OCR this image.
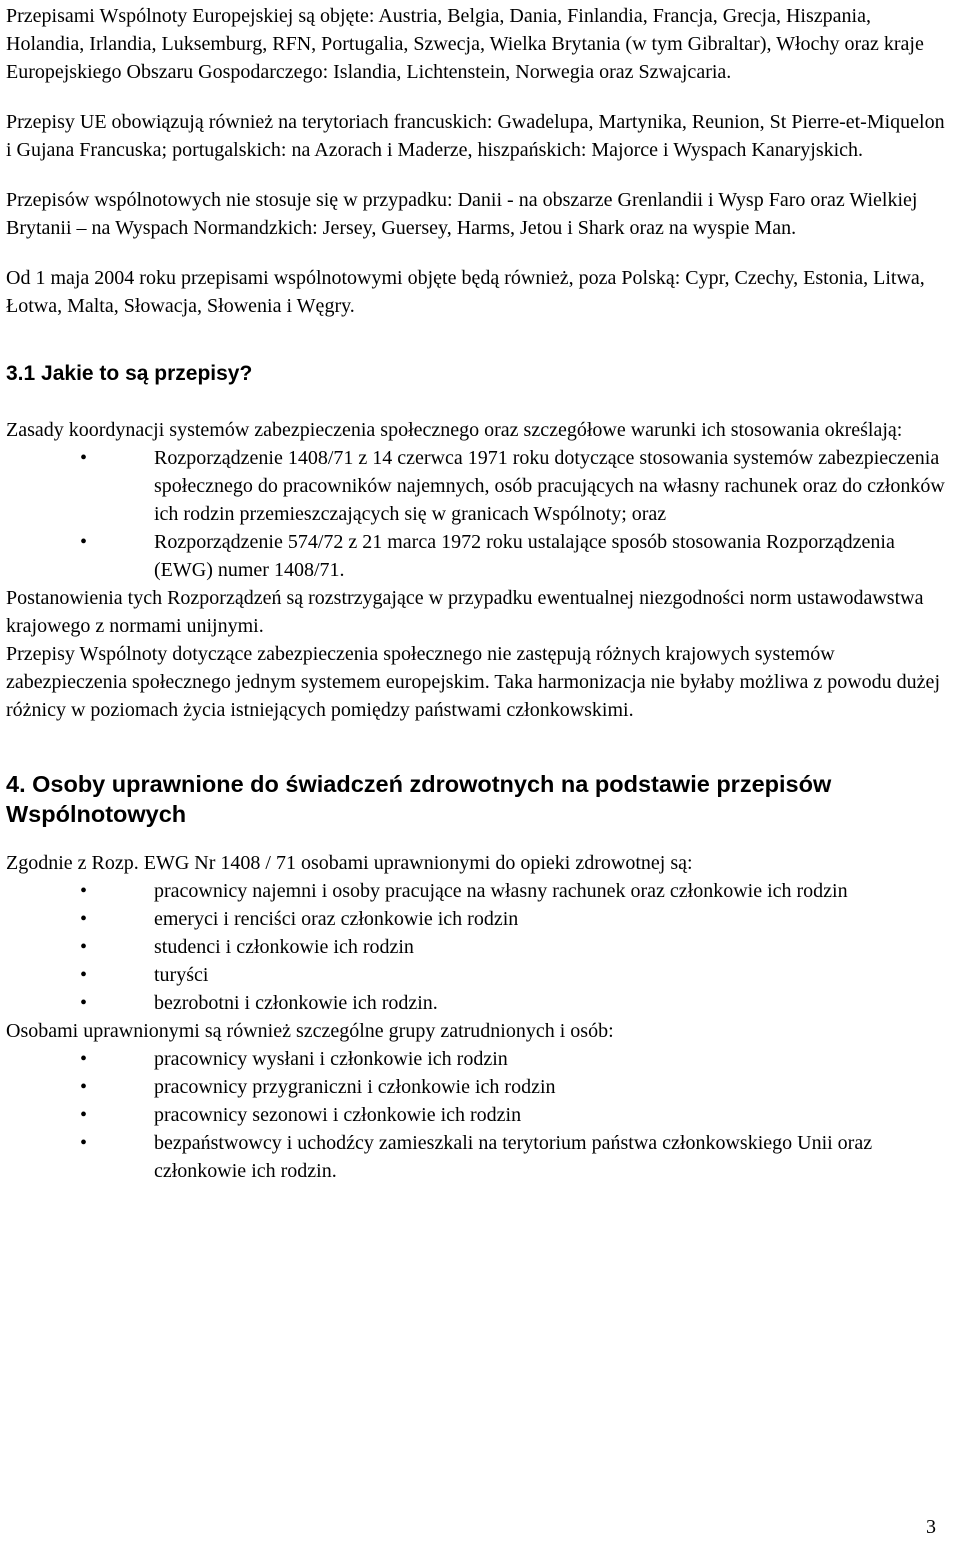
Przepisami Wspólnoty Europejskiej są objęte: Austria, Belgia, Dania, Finlandia, Francja, Grecja, Hiszpania, Holandia, Irlandia, Luksemburg, RFN, Portugalia, Szwecja, Wielka Brytania (w tym Gibraltar), Włochy oraz kraje Europejskiego Obszaru Gospodarczego: Islandia, Lichtenstein, Norwegia oraz Szwajcaria.

Przepisy UE obowiązują również na terytoriach francuskich: Gwadelupa, Martynika, Reunion, St Pierre-et-Miquelon i Gujana Francuska; portugalskich: na Azorach i Maderze, hiszpańskich: Majorce i Wyspach Kanaryjskich.

Przepisów wspólnotowych nie stosuje się w przypadku: Danii - na obszarze Grenlandii i Wysp Faro oraz Wielkiej Brytanii – na Wyspach Normandzkich: Jersey, Guersey, Harms, Jetou i Shark oraz na wyspie Man.

Od 1 maja 2004 roku przepisami wspólnotowymi objęte będą również, poza Polską: Cypr, Czechy, Estonia, Litwa, Łotwa, Malta, Słowacja, Słowenia i Węgry.

3.1 Jakie to są przepisy?

Zasady koordynacji systemów zabezpieczenia społecznego oraz szczegółowe warunki ich stosowania określają:

•	Rozporządzenie 1408/71 z 14 czerwca 1971 roku dotyczące stosowania systemów zabezpieczenia społecznego do pracowników najemnych, osób pracujących na własny rachunek oraz do członków ich rodzin przemieszczających się w granicach Wspólnoty; oraz
•	Rozporządzenie 574/72 z 21 marca 1972 roku ustalające sposób stosowania Rozporządzenia (EWG) numer 1408/71.

Postanowienia tych Rozporządzeń są rozstrzygające w przypadku ewentualnej niezgodności norm ustawodawstwa krajowego z normami unijnymi.

Przepisy Wspólnoty dotyczące zabezpieczenia społecznego nie zastępują różnych krajowych systemów zabezpieczenia społecznego jednym systemem europejskim. Taka harmonizacja nie byłaby możliwa z powodu dużej różnicy w poziomach życia istniejących pomiędzy państwami członkowskimi.

4. Osoby uprawnione do świadczeń zdrowotnych na podstawie przepisów Wspólnotowych

Zgodnie z Rozp. EWG Nr 1408 / 71 osobami uprawnionymi do opieki zdrowotnej są:

•	pracownicy najemni i osoby pracujące na własny rachunek oraz członkowie ich rodzin
•	emeryci i renciści oraz członkowie ich rodzin
•	studenci i członkowie ich rodzin
•	turyści
•	bezrobotni i członkowie ich rodzin.

Osobami uprawnionymi są również szczególne grupy zatrudnionych i osób:

•	pracownicy wysłani i członkowie ich rodzin
•	pracownicy przygraniczni i członkowie ich rodzin
•	pracownicy sezonowi i członkowie ich rodzin
•	bezpaństwowcy i uchodźcy zamieszkali na terytorium państwa członkowskiego Unii oraz członkowie ich rodzin.
3
